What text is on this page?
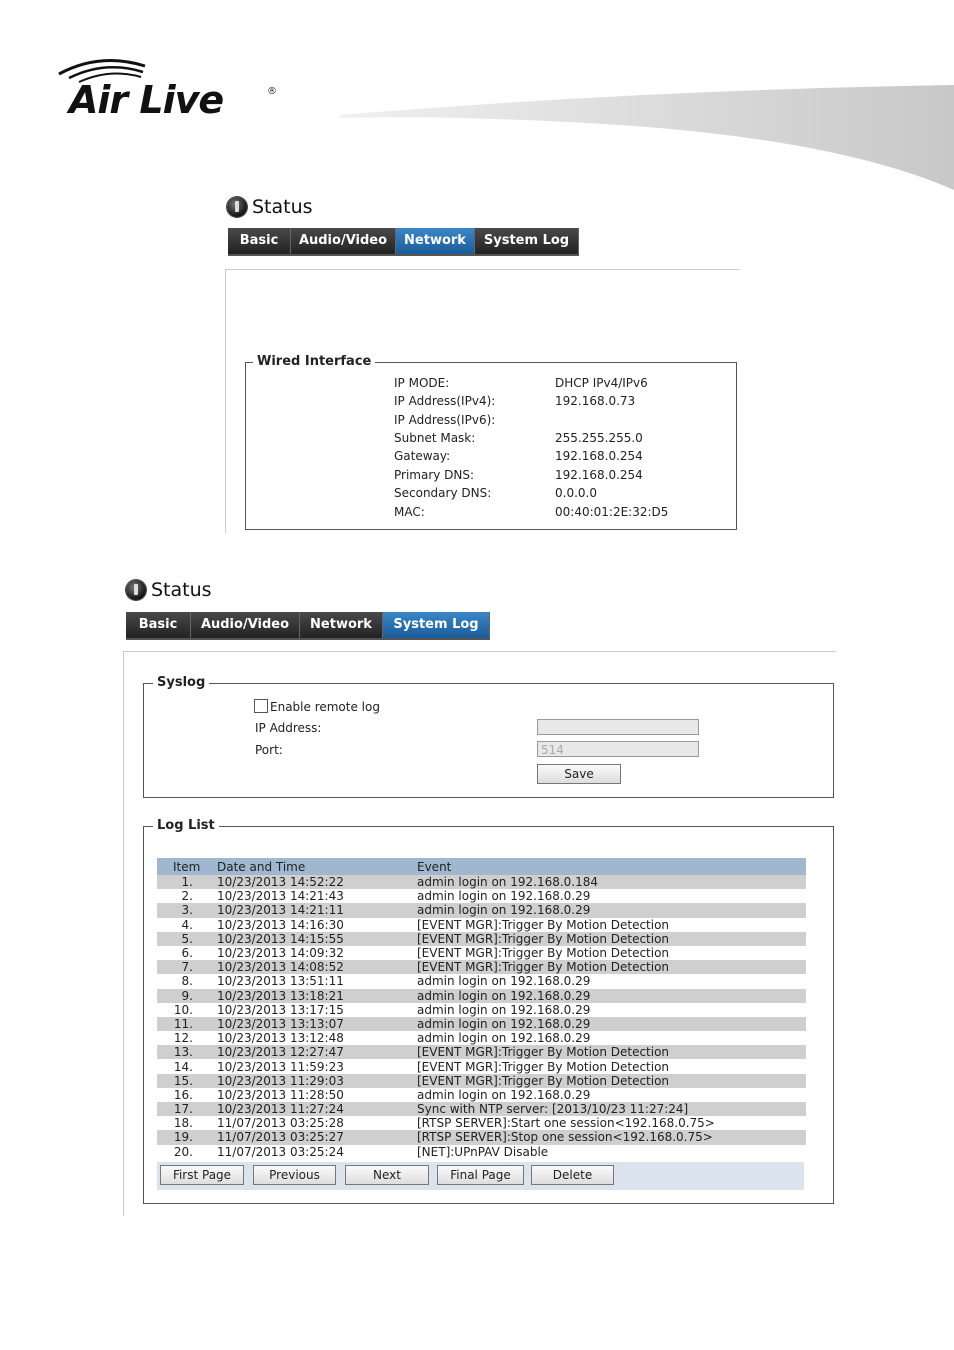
Air Live	®
Status
Basic	Audio/Video	Network	System Log
Wired Interface
IP MODE:	DHCP IPv4/IPv6
IP Address(IPv4):	192.168.0.73
IP Address(IPv6):
Subnet Mask:	255.255.255.0
Gateway:	192.168.0.254
Primary DNS:	192.168.0.254
Secondary DNS:	0.0.0.0
MAC:	00:40:01:2E:32:D5
Status
Basic	Audio/Video	Network	System Log
Syslog
Enable remote log
IP Address:
Port:	514
Save
Log List
Item	Date and Time	Event
1.	10/23/2013 14:52:22	admin login on 192.168.0.184
2.	10/23/2013 14:21:43	admin login on 192.168.0.29
3.	10/23/2013 14:21:11	admin login on 192.168.0.29
4.	10/23/2013 14:16:30	[EVENT MGR]:Trigger By Motion Detection
5.	10/23/2013 14:15:55	[EVENT MGR]:Trigger By Motion Detection
6.	10/23/2013 14:09:32	[EVENT MGR]:Trigger By Motion Detection
7.	10/23/2013 14:08:52	[EVENT MGR]:Trigger By Motion Detection
8.	10/23/2013 13:51:11	admin login on 192.168.0.29
9.	10/23/2013 13:18:21	admin login on 192.168.0.29
10.	10/23/2013 13:17:15	admin login on 192.168.0.29
11.	10/23/2013 13:13:07	admin login on 192.168.0.29
12.	10/23/2013 13:12:48	admin login on 192.168.0.29
13.	10/23/2013 12:27:47	[EVENT MGR]:Trigger By Motion Detection
14.	10/23/2013 11:59:23	[EVENT MGR]:Trigger By Motion Detection
15.	10/23/2013 11:29:03	[EVENT MGR]:Trigger By Motion Detection
16.	10/23/2013 11:28:50	admin login on 192.168.0.29
17.	10/23/2013 11:27:24	Sync with NTP server: [2013/10/23 11:27:24]
18.	11/07/2013 03:25:28	[RTSP SERVER]:Start one session<192.168.0.75>
19.	11/07/2013 03:25:27	[RTSP SERVER]:Stop one session<192.168.0.75>
20.	11/07/2013 03:25:24	[NET]:UPnPAV Disable
First Page	Previous	Next	Final Page	Delete
